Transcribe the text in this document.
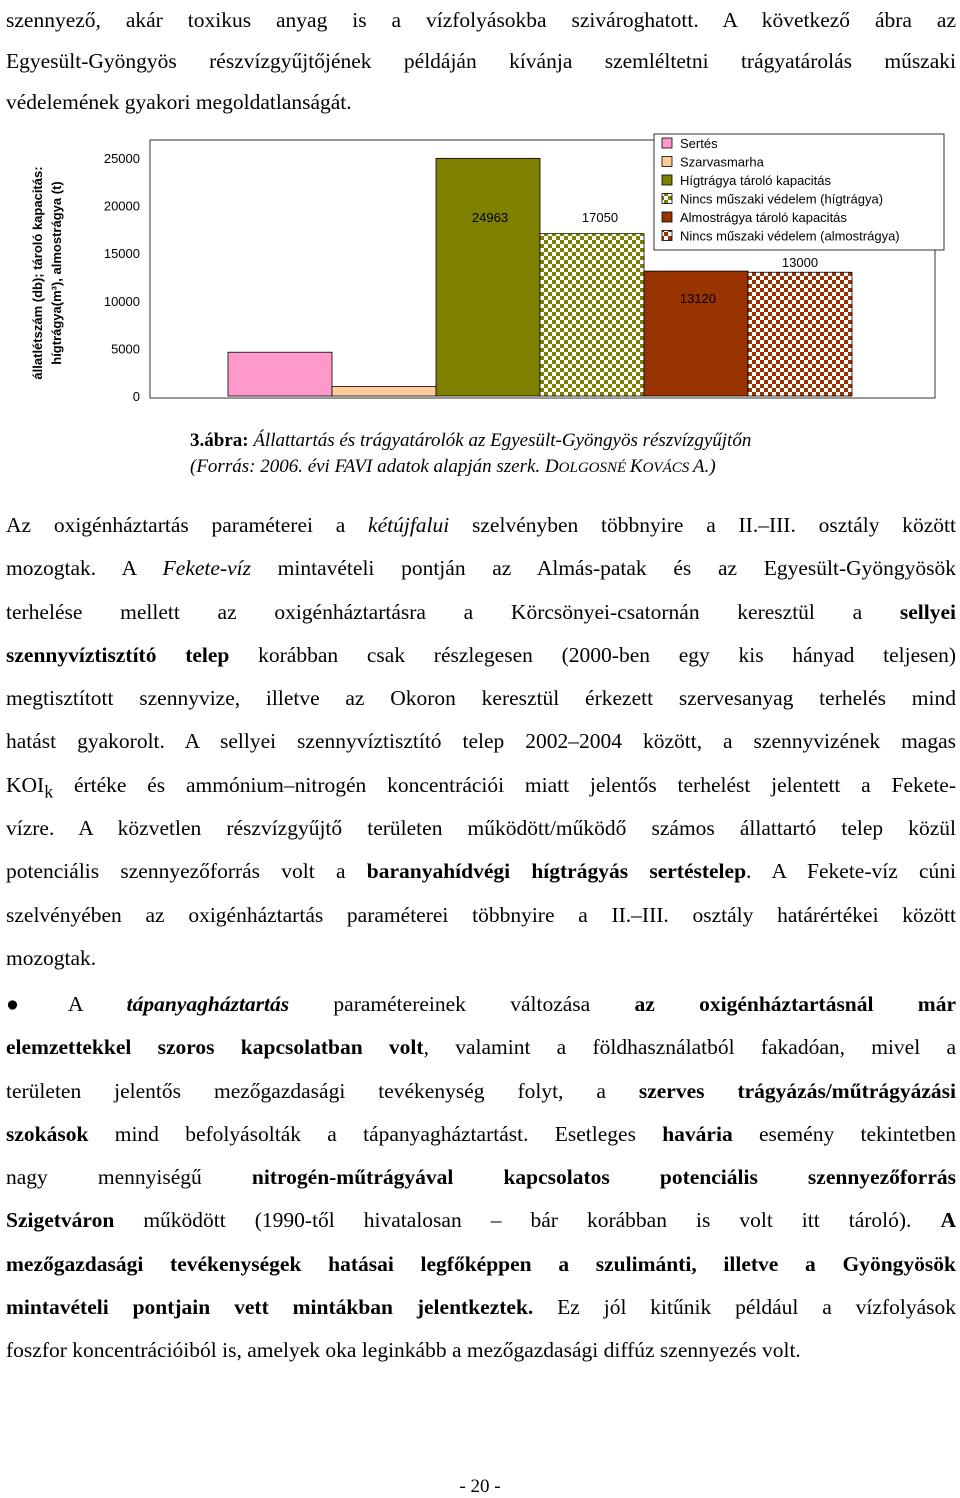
szennyező, akár toxikus anyag is a vízfolyásokba szivároghatott. A következő ábra az
Egyesült-Gyöngyös részvízgyűjtőjének példáján kívánja szemléltetni trágyatárolás műszaki
védelemének gyakori megoldatlanságát.
állatlétszám (db); tároló kapacitás: hígtrágya(m³), almostrágya (t)
25000
20000
15000
10000
5000
0
24963	17050
13120
13000
Sertés
Szarvasmarha
Hígtrágya tároló kapacitás
Nincs műszaki védelem (hígtrágya)
Almostrágya tároló kapacitás
Nincs műszaki védelem (almostrágya)
3.ábra: Állattartás és trágyatárolók az Egyesült-Gyöngyös részvízgyűjtőn
(Forrás: 2006. évi FAVI adatok alapján szerk. DOLGOSNÉ KOVÁCS A.)
Az oxigénháztartás paraméterei a kétújfalui szelvényben többnyire a II.–III. osztály között
mozogtak. A Fekete-víz mintavételi pontján az Almás-patak és az Egyesült-Gyöngyösök
terhelése mellett az oxigénháztartásra a Körcsönyei-csatornán keresztül a sellyei
szennyvíztisztító telep korábban csak részlegesen (2000-ben egy kis hányad teljesen)
megtisztított szennyvize, illetve az Okoron keresztül érkezett szervesanyag terhelés mind
hatást gyakorolt. A sellyei szennyvíztisztító telep 2002–2004 között, a szennyvizének magas
$KOI_k$ értéke és ammónium–nitrogén koncentrációi miatt jelentős terhelést jelentett a Fekete-
vízre. A közvetlen részvízgyűjtő területen működött/működő számos állattartó telep közül
potenciális szennyezőforrás volt a baranyahídvégi hígtrágyás sertéstelep. A Fekete-víz cúni
szelvényében az oxigénháztartás paraméterei többnyire a II.–III. osztály határértékei között
mozogtak.
● A tápanyagháztartás paramétereinek változása az oxigénháztartásnál már
elemzettekkel szoros kapcsolatban volt, valamint a földhasználatból fakadóan, mivel a
területen jelentős mezőgazdasági tevékenység folyt, a szerves trágyázás/műtrágyázási
szokások mind befolyásolták a tápanyagháztartást. Esetleges havária esemény tekintetben
nagy mennyiségű nitrogén-műtrágyával kapcsolatos potenciális szennyezőforrás
Szigetváron működött (1990-től hivatalosan – bár korábban is volt itt tároló). A
mezőgazdasági tevékenységek hatásai legfőképpen a szulimánti, illetve a Gyöngyösök
mintavételi pontjain vett mintákban jelentkeztek. Ez jól kitűnik például a vízfolyások
foszfor koncentrációiból is, amelyek oka leginkább a mezőgazdasági diffúz szennyezés volt.
- 20 -
